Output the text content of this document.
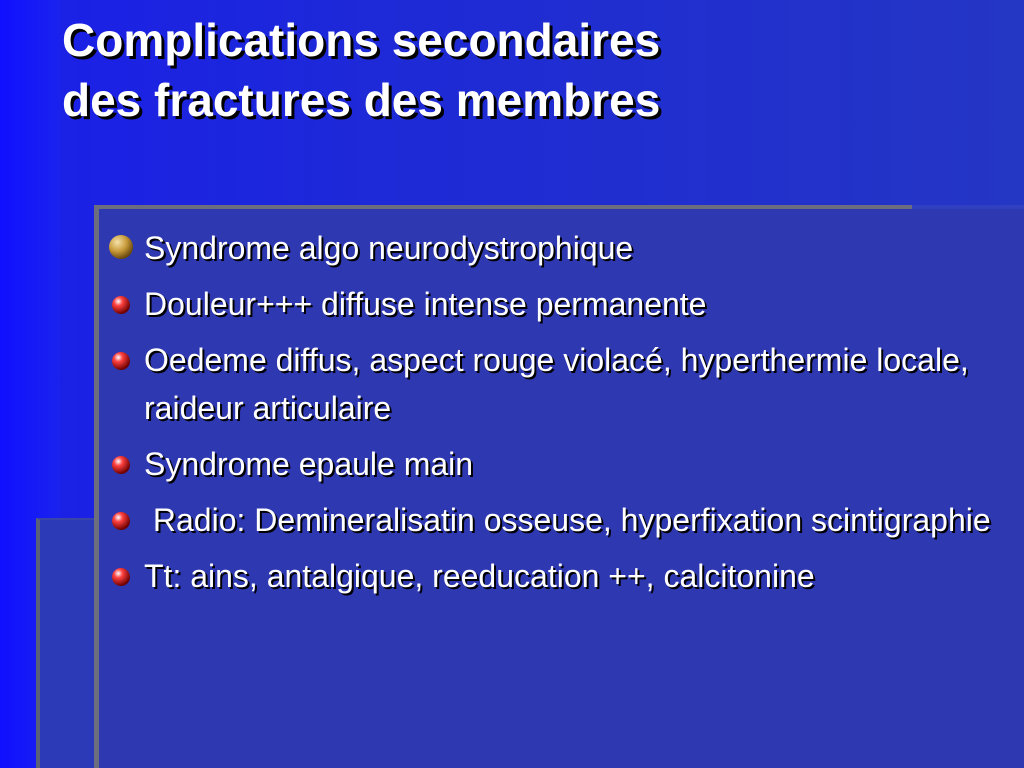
Complications secondaires
des fractures des membres
Syndrome algo neurodystrophique
Douleur+++ diffuse intense permanente
Oedeme diffus, aspect rouge violacé, hyperthermie locale, raideur articulaire
Syndrome epaule main
Radio: Demineralisatin osseuse, hyperfixation scintigraphie
Tt: ains, antalgique, reeducation ++, calcitonine
